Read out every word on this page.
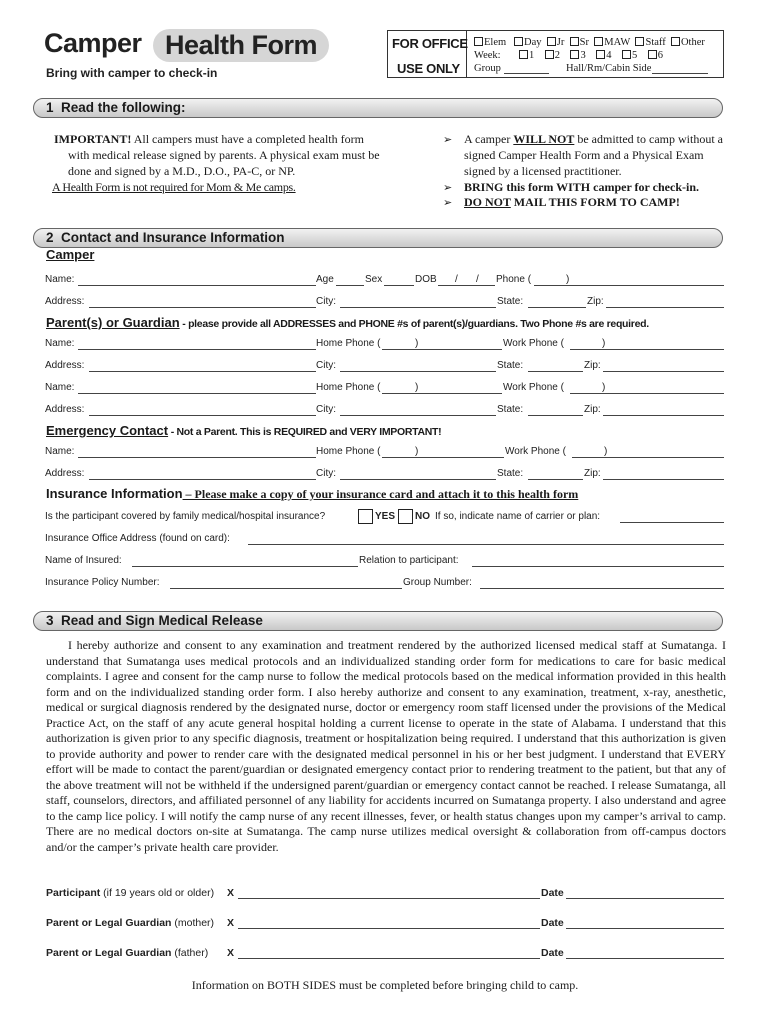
Camper Health Form
Bring with camper to check-in
FOR OFFICE
USE ONLY
Elem Day Jr Sr MAW Staff Other
Week:	1 2 3 4 5 6
Group	Hall/Rm/Cabin Side
1 Read the following:
IMPORTANT! All campers must have a completed health form with medical release signed by parents. A physical exam must be done and signed by a M.D., D.O., PA-C, or NP.
A Health Form is not required for Mom & Me camps.
➢ A camper WILL NOT be admitted to camp without a signed Camper Health Form and a Physical Exam signed by a licensed practitioner.
➢ BRING this form WITH camper for check-in.
➢ DO NOT MAIL THIS FORM TO CAMP!
2 Contact and Insurance Information
Camper
Name:	Age	Sex	DOB / / Phone (	)
Address:	City:	State:	Zip:
Parent(s) or Guardian - please provide all ADDRESSES and PHONE #s of parent(s)/guardians. Two Phone #s are required.
Name:	Home Phone (	)	Work Phone (	)
Address:	City:	State:	Zip:
Name:	Home Phone (	)	Work Phone (	)
Address:	City:	State:	Zip:
Emergency Contact - Not a Parent. This is REQUIRED and VERY IMPORTANT!
Name:	Home Phone (	)	Work Phone (	)
Address:	City:	State:	Zip:
Insurance Information – Please make a copy of your insurance card and attach it to this health form
Is the participant covered by family medical/hospital insurance?	YES NO If so, indicate name of carrier or plan:
Insurance Office Address (found on card):
Name of Insured:	Relation to participant:
Insurance Policy Number:	Group Number:
3 Read and Sign Medical Release
I hereby authorize and consent to any examination and treatment rendered by the authorized licensed medical staff at Sumatanga. I understand that Sumatanga uses medical protocols and an individualized standing order form for medications to care for basic medical complaints. I agree and consent for the camp nurse to follow the medical protocols based on the medical information provided in this health form and on the individualized standing order form. I also hereby authorize and consent to any examination, treatment, x-ray, anesthetic, medical or surgical diagnosis rendered by the designated nurse, doctor or emergency room staff licensed under the provisions of the Medical Practice Act, on the staff of any acute general hospital holding a current license to operate in the state of Alabama. I understand that this authorization is given prior to any specific diagnosis, treatment or hospitalization being required. I understand that this authorization is given to provide authority and power to render care with the designated medical personnel in his or her best judgment. I understand that EVERY effort will be made to contact the parent/guardian or designated emergency contact prior to rendering treatment to the patient, but that any of the above treatment will not be withheld if the undersigned parent/guardian or emergency contact cannot be reached. I release Sumatanga, all staff, counselors, directors, and affiliated personnel of any liability for accidents incurred on Sumatanga property. I also understand and agree to the camp lice policy. I will notify the camp nurse of any recent illnesses, fever, or health status changes upon my camper’s arrival to camp. There are no medical doctors on-site at Sumatanga. The camp nurse utilizes medical oversight & collaboration from off-campus doctors and/or the camper’s private health care provider.
Participant (if 19 years old or older) X	Date
Parent or Legal Guardian (mother) X	Date
Parent or Legal Guardian (father) X	Date
Information on BOTH SIDES must be completed before bringing child to camp.
